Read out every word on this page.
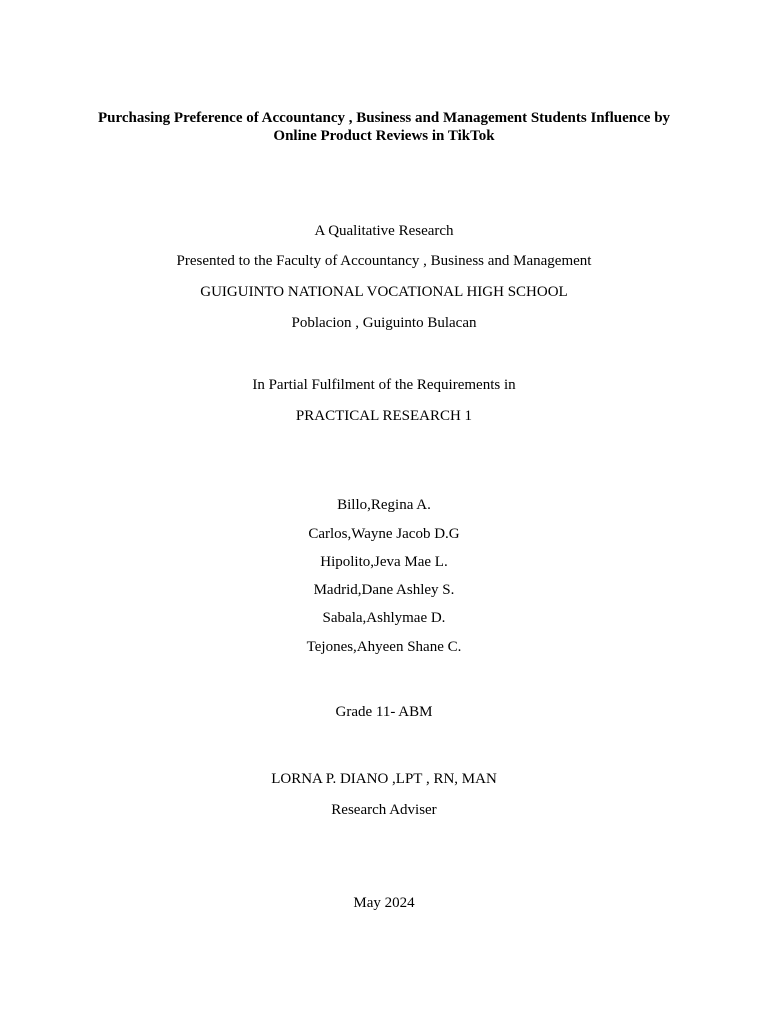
Purchasing Preference of Accountancy , Business and Management Students Influence by
Online Product Reviews in TikTok
A Qualitative Research
Presented to the Faculty of Accountancy , Business and Management
GUIGUINTO NATIONAL VOCATIONAL HIGH SCHOOL
Poblacion , Guiguinto Bulacan
In Partial Fulfilment of the Requirements in
PRACTICAL RESEARCH 1
Billo,Regina A.
Carlos,Wayne Jacob D.G
Hipolito,Jeva Mae L.
Madrid,Dane Ashley S.
Sabala,Ashlymae D.
Tejones,Ahyeen Shane C.
Grade 11- ABM
LORNA P. DIANO ,LPT , RN, MAN
Research Adviser
May 2024
